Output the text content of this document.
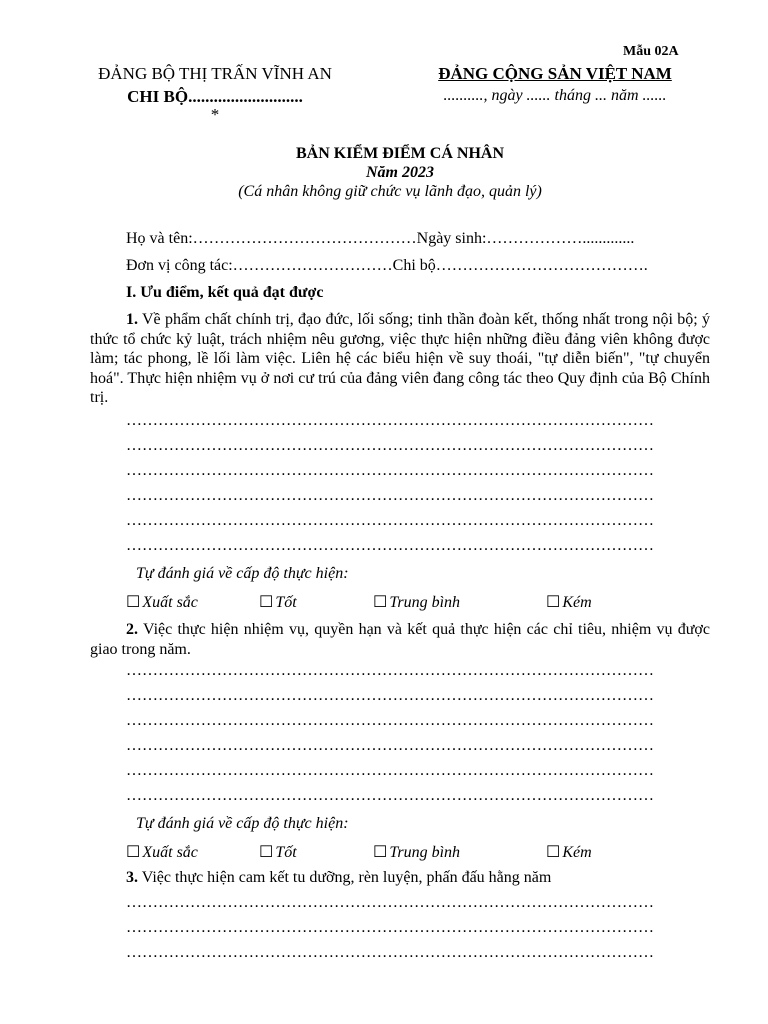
Mẫu 02A
ĐẢNG BỘ THỊ TRẤN VĨNH AN
CHI BỘ...........................
*
ĐẢNG CỘNG SẢN VIỆT NAM
.........., ngày ...... tháng ... năm ......
BẢN KIỂM ĐIỂM CÁ NHÂN
Năm 2023
(Cá nhân không giữ chức vụ lãnh đạo, quản lý)
Họ và tên:……………………………………Ngày sinh:……………….............
Đơn vị công tác:…………………………Chi bộ………………………………….
I. Ưu điểm, kết quả đạt được
1. Về phẩm chất chính trị, đạo đức, lối sống; tinh thần đoàn kết, thống nhất trong nội bộ; ý thức tổ chức kỷ luật, trách nhiệm nêu gương, việc thực hiện những điều đảng viên không được làm; tác phong, lề lối làm việc. Liên hệ các biểu hiện về suy thoái, "tự diễn biến", "tự chuyển hoá". Thực hiện nhiệm vụ ở nơi cư trú của đảng viên đang công tác theo Quy định của Bộ Chính trị.
………………………………………………………………………………………
………………………………………………………………………………………
………………………………………………………………………………………
………………………………………………………………………………………
………………………………………………………………………………………
………………………………………………………………………………………
Tự đánh giá về cấp độ thực hiện:
☐ Xuất sắc	☐ Tốt	☐ Trung bình	☐ Kém
2. Việc thực hiện nhiệm vụ, quyền hạn và kết quả thực hiện các chỉ tiêu, nhiệm vụ được giao trong năm.
………………………………………………………………………………………
………………………………………………………………………………………
………………………………………………………………………………………
………………………………………………………………………………………
………………………………………………………………………………………
………………………………………………………………………………………
Tự đánh giá về cấp độ thực hiện:
☐ Xuất sắc	☐ Tốt	☐ Trung bình	☐ Kém
3. Việc thực hiện cam kết tu dưỡng, rèn luyện, phấn đấu hằng năm
………………………………………………………………………………………
………………………………………………………………………………………
………………………………………………………………………………………
